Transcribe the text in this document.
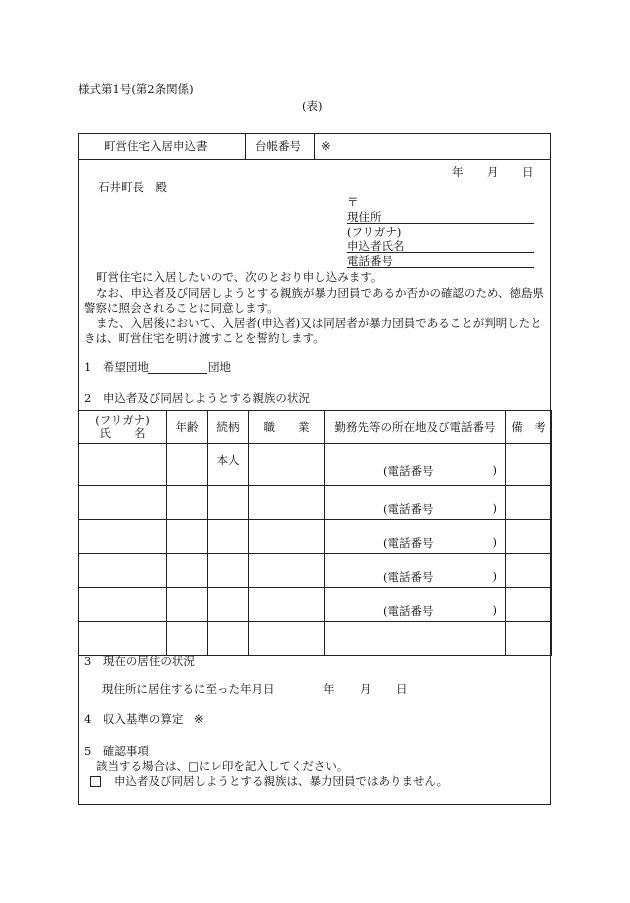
様式第1号(第2条関係)
(表)
町営住宅入居申込書	台帳番号 ※
年 月 日
石井町長　殿
〒
現住所
(フリガナ)
申込者氏名
電話番号
町営住宅に入居したいので、次のとおり申し込みます。
なお、申込者及び同居しようとする親族が暴力団員であるか否かの確認のため、徳島県
警察に照会されることに同意します。
また、入居後において、入居者(申込者)又は同居者が暴力団員であることが判明したと
きは、町営住宅を明け渡すことを誓約します。
1　希望団地	団地
2　申込者及び同居しようとする親族の状況
(フリガナ)
氏　　名	年齢	続柄	職　　業	勤務先等の所在地及び電話番号	備　考
		本人		(電話番号 )	

				(電話番号 )	

				(電話番号 )	

				(電話番号 )	

				(電話番号 )	

3　現在の居住の状況
現住所に居住するに至った年月日	年 月 日
4　収入基準の算定 ※
5　確認事項
該当する場合は、□にレ印を記入してください。
申込者及び同居しようとする親族は、暴力団員ではありません。
